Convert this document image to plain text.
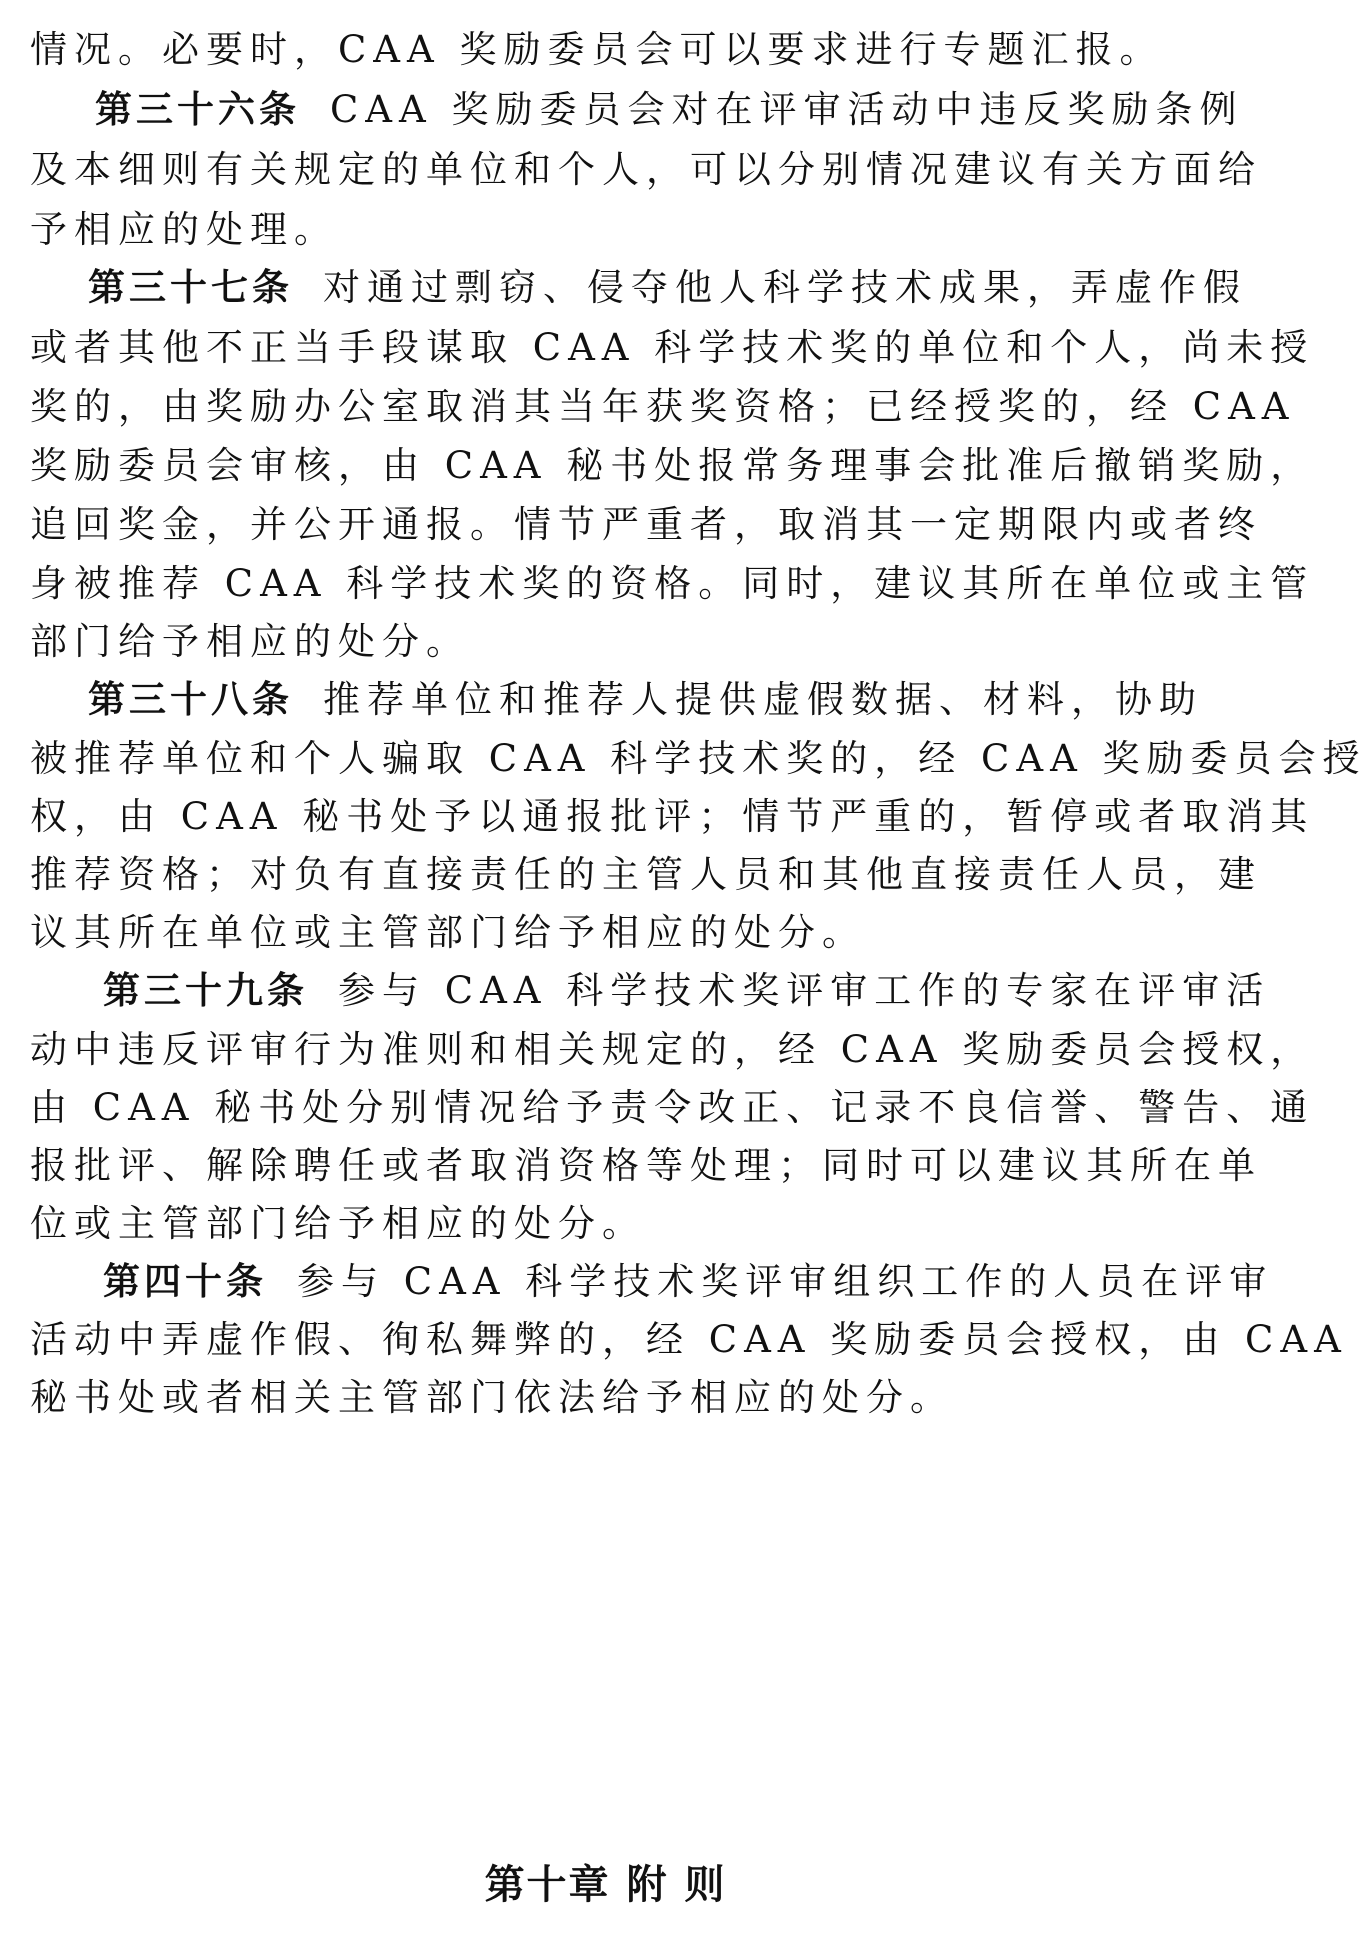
情况。必要时，CAA 奖励委员会可以要求进行专题汇报。
第三十六条 CAA 奖励委员会对在评审活动中违反奖励条例
及本细则有关规定的单位和个人，可以分别情况建议有关方面给
予相应的处理。
第三十七条 对通过剽窃、侵夺他人科学技术成果，弄虚作假
或者其他不正当手段谋取 CAA 科学技术奖的单位和个人，尚未授
奖的，由奖励办公室取消其当年获奖资格；已经授奖的，经 CAA
奖励委员会审核，由 CAA 秘书处报常务理事会批准后撤销奖励，
追回奖金，并公开通报。情节严重者，取消其一定期限内或者终
身被推荐 CAA 科学技术奖的资格。同时，建议其所在单位或主管
部门给予相应的处分。
第三十八条 推荐单位和推荐人提供虚假数据、材料，协助
被推荐单位和个人骗取 CAA 科学技术奖的，经 CAA 奖励委员会授
权，由 CAA 秘书处予以通报批评；情节严重的，暂停或者取消其
推荐资格；对负有直接责任的主管人员和其他直接责任人员，建
议其所在单位或主管部门给予相应的处分。
第三十九条 参与 CAA 科学技术奖评审工作的专家在评审活
动中违反评审行为准则和相关规定的，经 CAA 奖励委员会授权，
由 CAA 秘书处分别情况给予责令改正、记录不良信誉、警告、通
报批评、解除聘任或者取消资格等处理；同时可以建议其所在单
位或主管部门给予相应的处分。
第四十条 参与 CAA 科学技术奖评审组织工作的人员在评审
活动中弄虚作假、徇私舞弊的，经 CAA 奖励委员会授权，由 CAA
秘书处或者相关主管部门依法给予相应的处分。
第十章 附 则
